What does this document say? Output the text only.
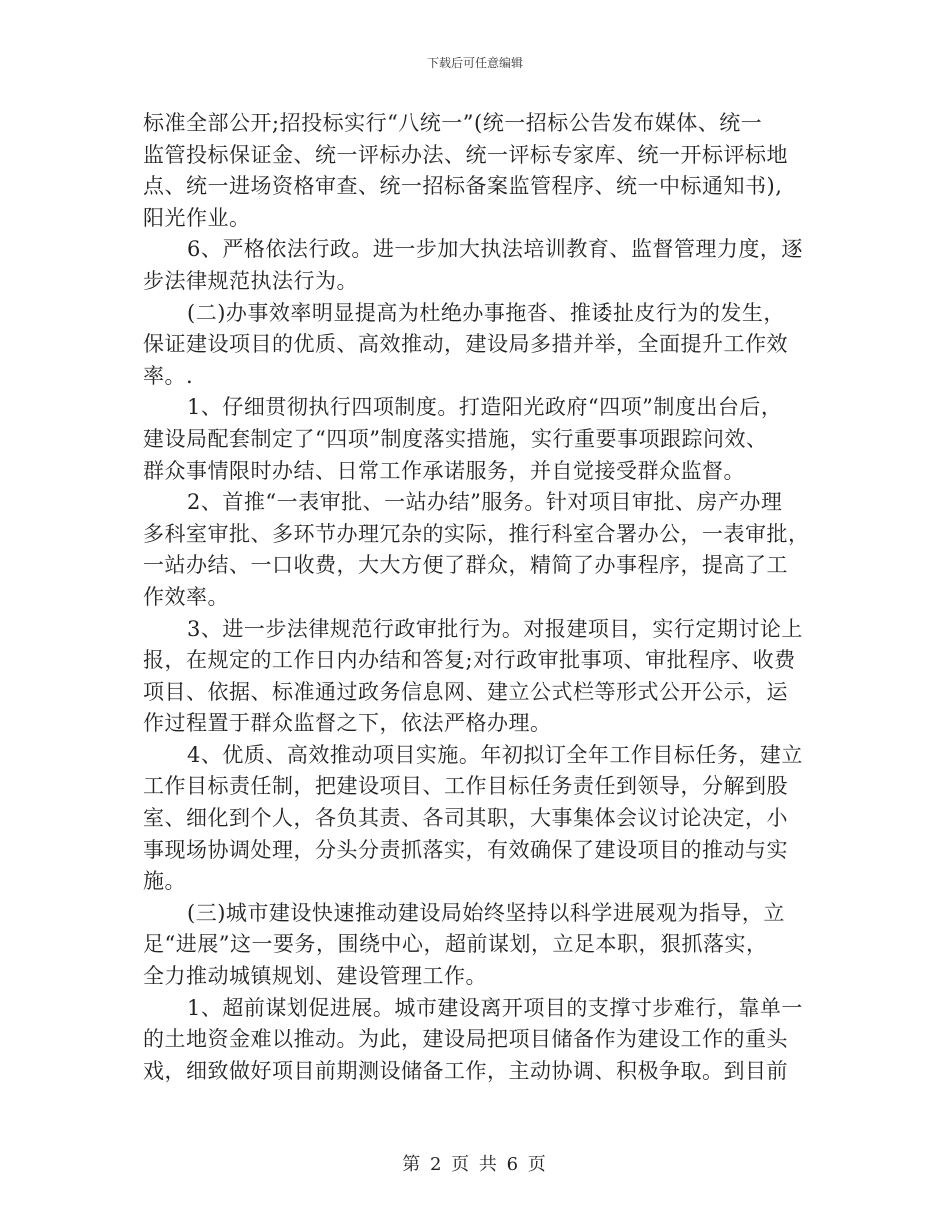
下载后可任意编辑
标准全部公开;招投标实行“八统一”(统一招标公告发布媒体、统一
监管投标保证金、统一评标办法、统一评标专家库、统一开标评标地
点、统一进场资格审查、统一招标备案监管程序、统一中标通知书),
阳光作业。
6、严格依法行政。进一步加大执法培训教育、监督管理力度，逐
步法律规范执法行为。
(二)办事效率明显提高为杜绝办事拖沓、推诿扯皮行为的发生，
保证建设项目的优质、高效推动，建设局多措并举，全面提升工作效
率。.
1、仔细贯彻执行四项制度。打造阳光政府“四项”制度出台后，
建设局配套制定了“四项”制度落实措施，实行重要事项跟踪问效、
群众事情限时办结、日常工作承诺服务，并自觉接受群众监督。
2、首推“一表审批、一站办结”服务。针对项目审批、房产办理
多科室审批、多环节办理冗杂的实际，推行科室合署办公，一表审批，
一站办结、一口收费，大大方便了群众，精简了办事程序，提高了工
作效率。
3、进一步法律规范行政审批行为。对报建项目，实行定期讨论上
报，在规定的工作日内办结和答复;对行政审批事项、审批程序、收费
项目、依据、标准通过政务信息网、建立公式栏等形式公开公示，运
作过程置于群众监督之下，依法严格办理。
4、优质、高效推动项目实施。年初拟订全年工作目标任务，建立
工作目标责任制，把建设项目、工作目标任务责任到领导，分解到股
室、细化到个人，各负其责、各司其职，大事集体会议讨论决定，小
事现场协调处理，分头分责抓落实，有效确保了建设项目的推动与实
施。
(三)城市建设快速推动建设局始终坚持以科学进展观为指导，立
足“进展”这一要务，围绕中心，超前谋划，立足本职，狠抓落实，
全力推动城镇规划、建设管理工作。
1、超前谋划促进展。城市建设离开项目的支撑寸步难行，靠单一
的土地资金难以推动。为此，建设局把项目储备作为建设工作的重头
戏，细致做好项目前期测设储备工作，主动协调、积极争取。到目前
第 2 页 共 6 页
